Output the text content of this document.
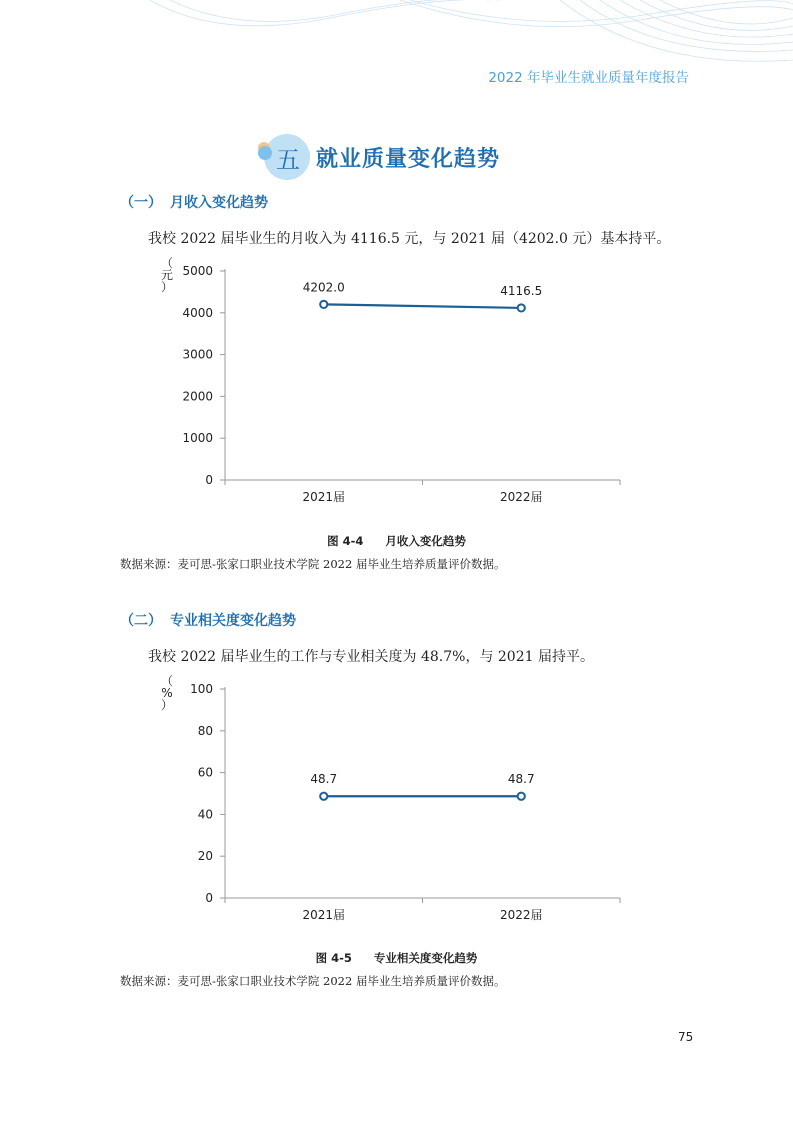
2022 年毕业生就业质量年度报告
五 就业质量变化趋势
（一） 月收入变化趋势
我校 2022 届毕业生的月收入为 4116.5 元，与 2021 届（4202.0 元）基本持平。
（
元
）
0
1000
2000
3000
4000
5000
2021届	2022届
4202.0	4116.5
图 4-4 月收入变化趋势
数据来源：麦可思-张家口职业技术学院 2022 届毕业生培养质量评价数据。
（二） 专业相关度变化趋势
我校 2022 届毕业生的工作与专业相关度为 48.7%，与 2021 届持平。
（
%
）
0
20
40
60
80
100
2021届	2022届
48.7	48.7
图 4-5 专业相关度变化趋势
数据来源：麦可思-张家口职业技术学院 2022 届毕业生培养质量评价数据。
75
